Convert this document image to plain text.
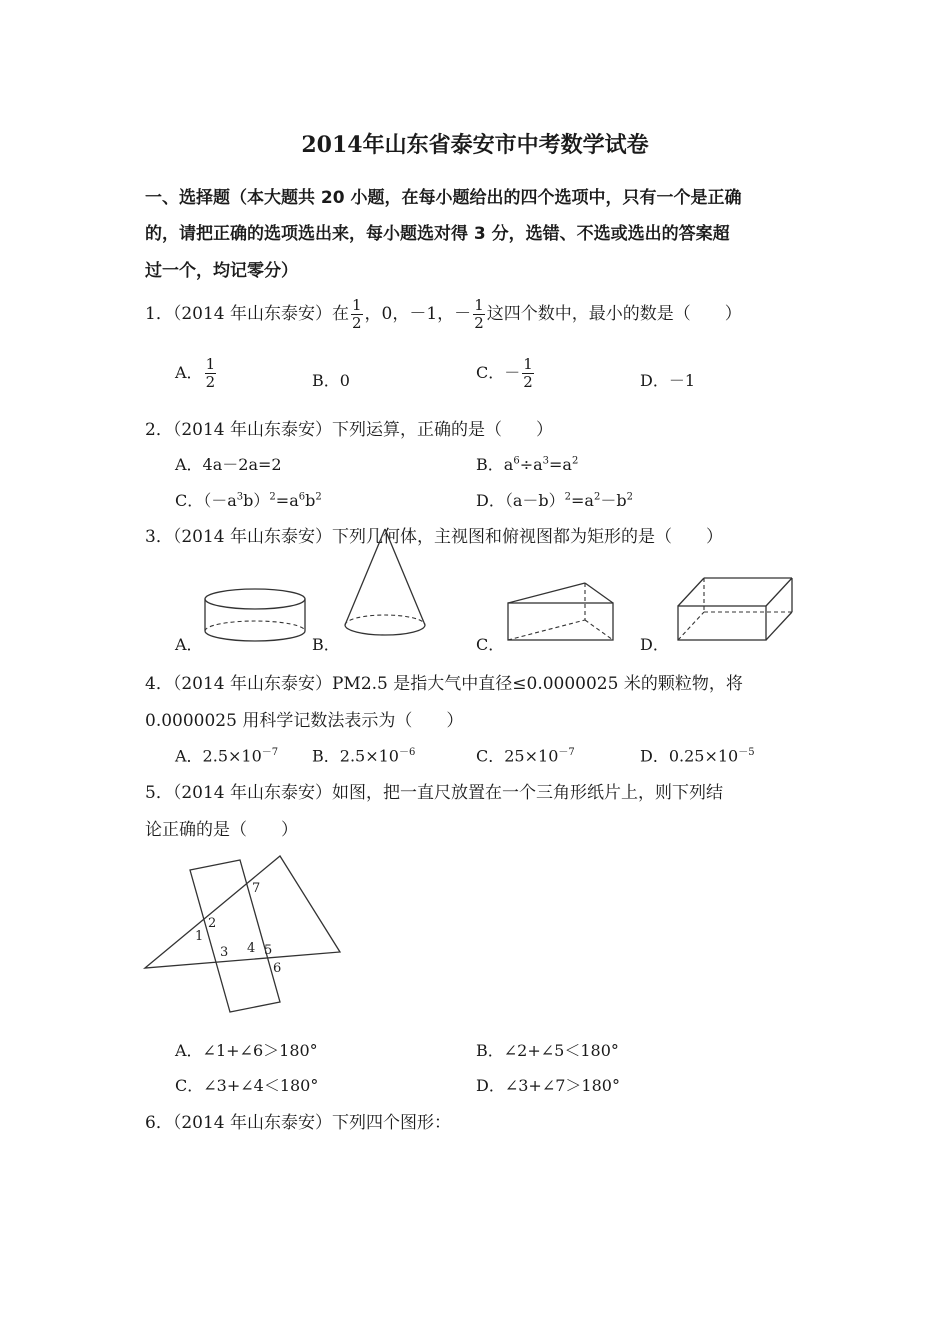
2014年山东省泰安市中考数学试卷
一、选择题（本大题共 20 小题，在每小题给出的四个选项中，只有一个是正确
的，请把正确的选项选出来，每小题选对得 3 分，选错、不选或选出的答案超
过一个，均记零分）
1．（2014 年山东泰安）在 $\frac{1}{2}$ ，0，－1，－ $\frac{1}{2}$ 这四个数中，最小的数是（　　）
A． $\frac{1}{2}$	B．0	C．－ $\frac{1}{2}$	D．－1
2．（2014 年山东泰安）下列运算，正确的是（　　）
A．4a－2a=2	B．$a^6\div a^3=a^2$
C．$(-a^3b)^2=a^6b^2$	D．$(a-b)^2=a^2-b^2$
3．（2014 年山东泰安）下列几何体，主视图和俯视图都为矩形的是（　　）
A．	B．	C．	D．
4．（2014 年山东泰安）PM2.5 是指大气中直径≤0.0000025 米的颗粒物，将
0.0000025 用科学记数法表示为（　　）
A．$2.5\times 10^{-7}$ B．$2.5\times 10^{-6}$	C．$25\times 10^{-7}$	D．$0.25\times 10^{-5}$
5．（2014 年山东泰安）如图，把一直尺放置在一个三角形纸片上，则下列结
论正确的是（　　）
7
2
1
3 4 5
6
A．∠1+∠6＞180°	B．∠2+∠5＜180°
C．∠3+∠4＜180°	D．∠3+∠7＞180°
6．（2014 年山东泰安）下列四个图形：
